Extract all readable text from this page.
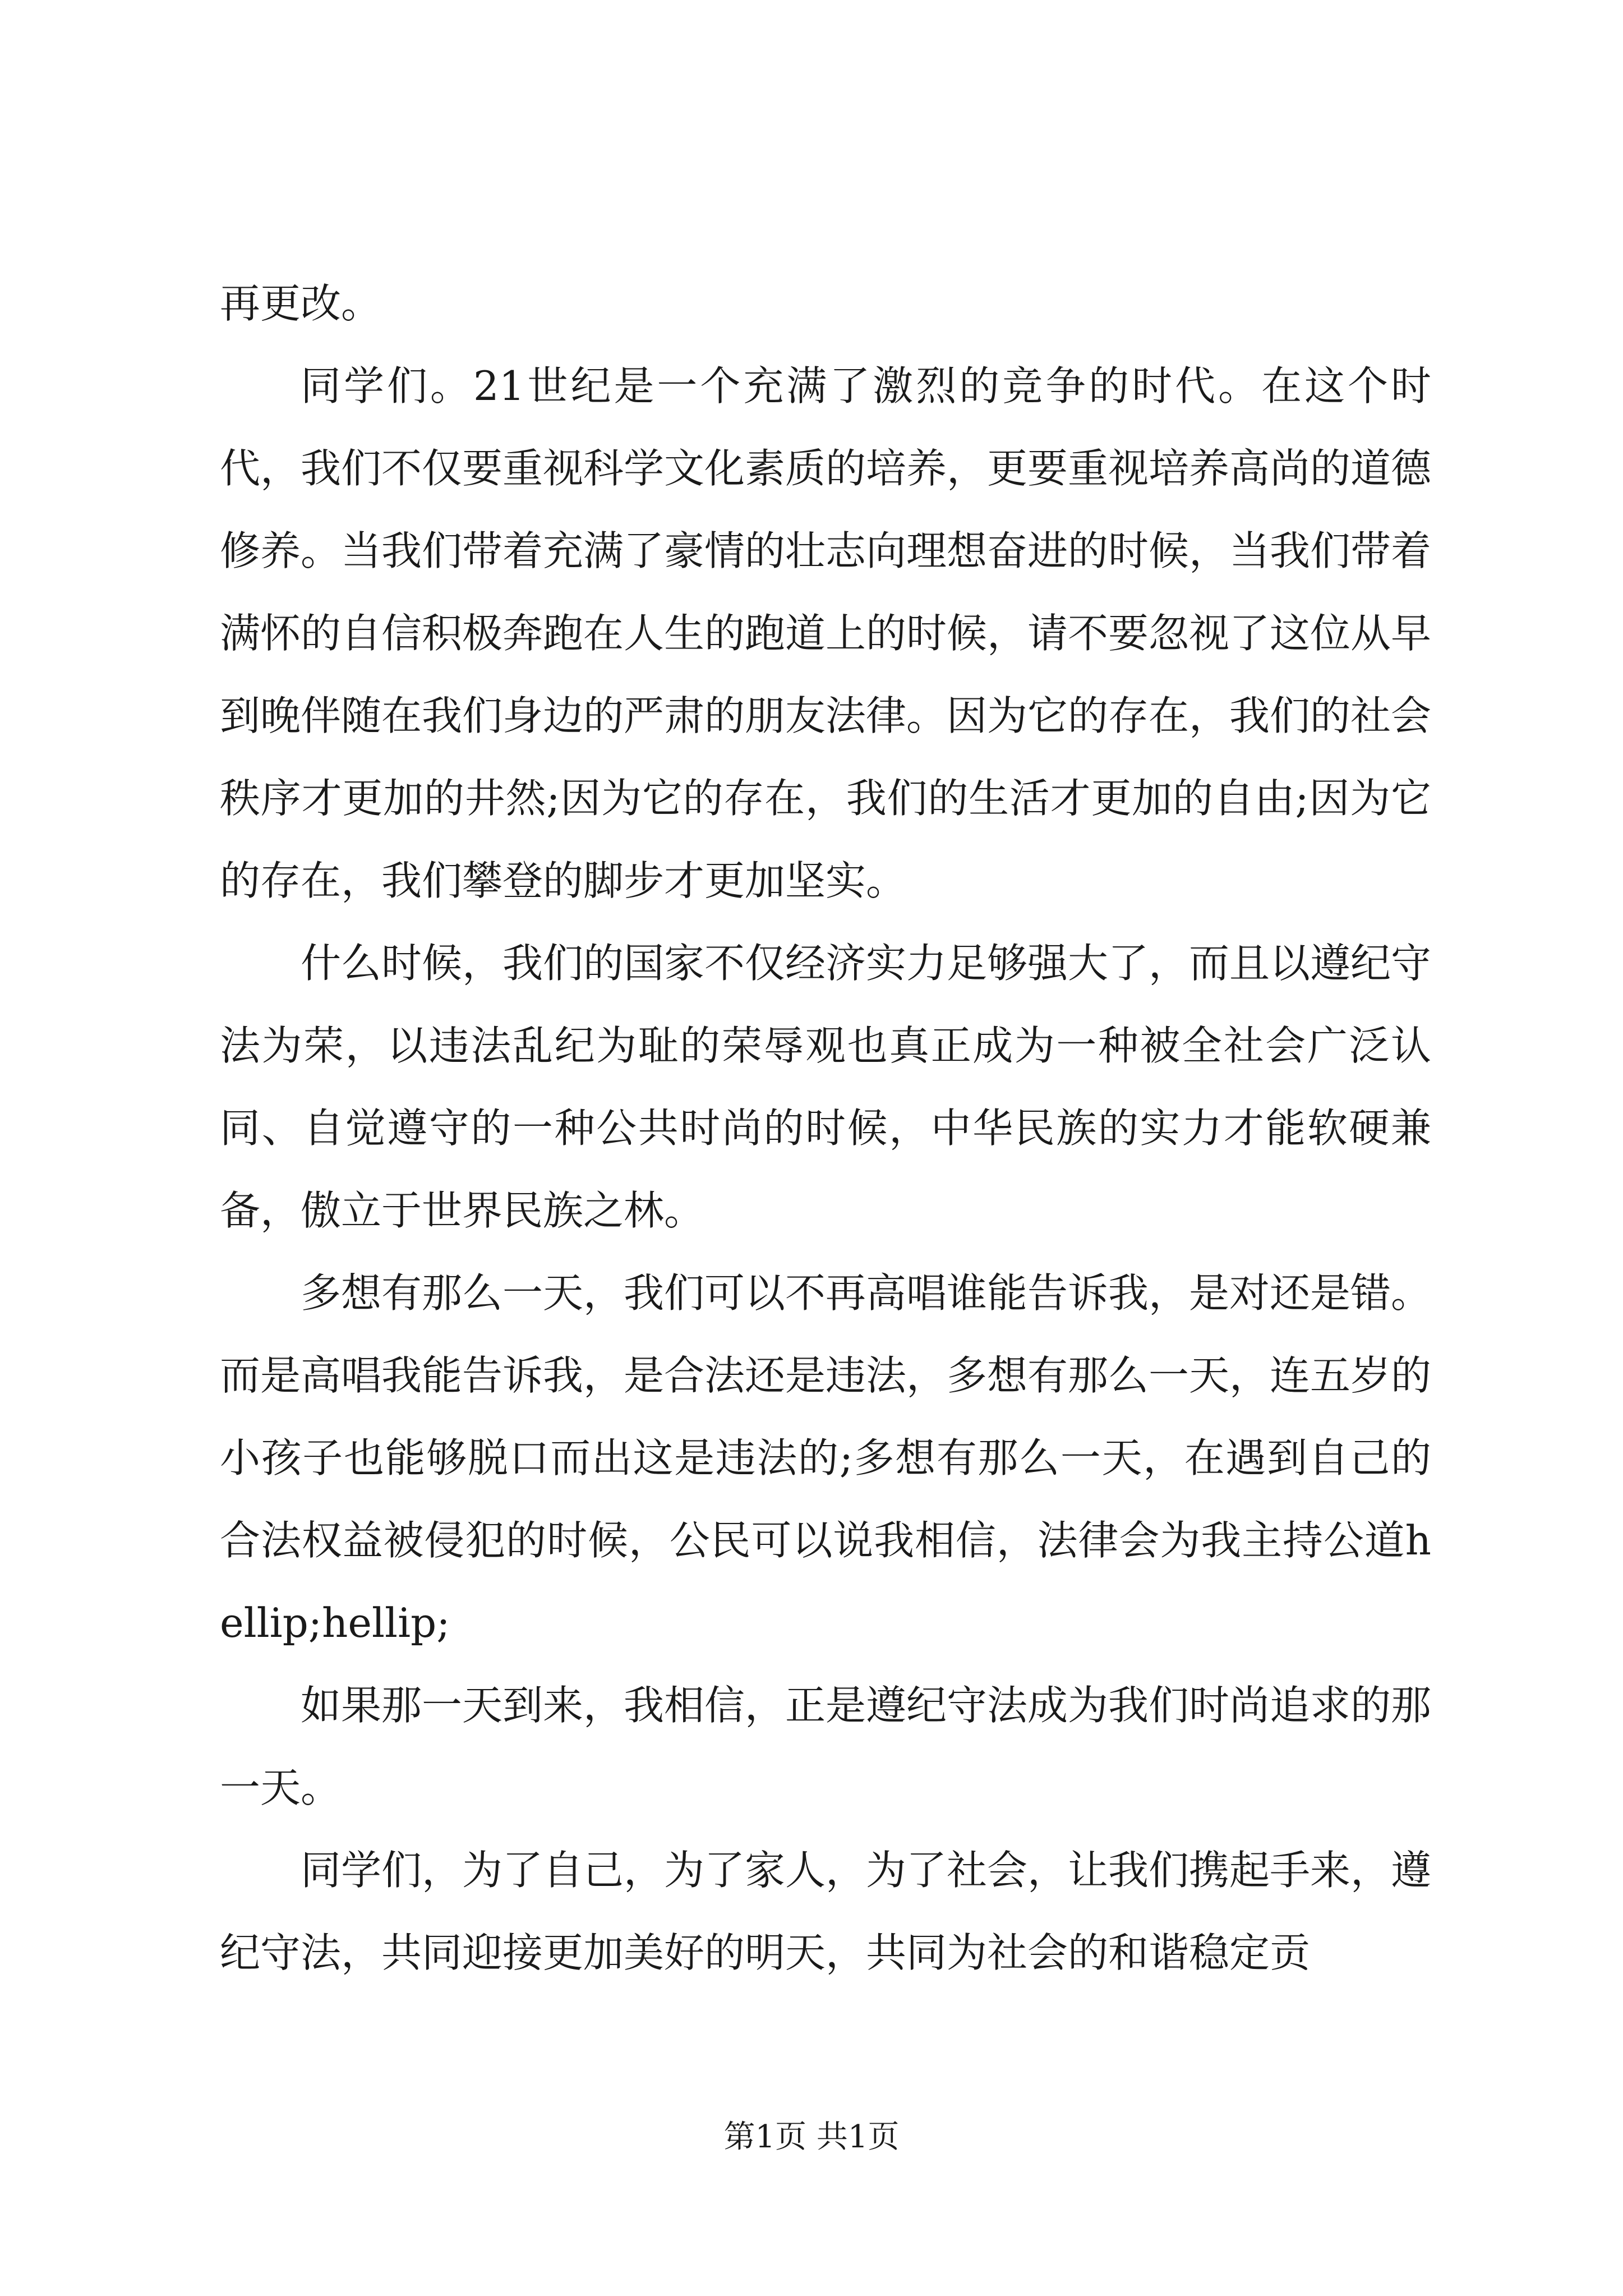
再更改。

同学们。21世纪是一个充满了激烈的竞争的时代。在这个时代，我们不仅要重视科学文化素质的培养，更要重视培养高尚的道德修养。当我们带着充满了豪情的壮志向理想奋进的时候，当我们带着满怀的自信积极奔跑在人生的跑道上的时候，请不要忽视了这位从早到晚伴随在我们身边的严肃的朋友法律。因为它的存在，我们的社会秩序才更加的井然;因为它的存在，我们的生活才更加的自由;因为它的存在，我们攀登的脚步才更加坚实。

什么时候，我们的国家不仅经济实力足够强大了，而且以遵纪守法为荣，以违法乱纪为耻的荣辱观也真正成为一种被全社会广泛认同、自觉遵守的一种公共时尚的时候，中华民族的实力才能软硬兼备，傲立于世界民族之林。

多想有那么一天，我们可以不再高唱谁能告诉我，是对还是错。而是高唱我能告诉我，是合法还是违法，多想有那么一天，连五岁的小孩子也能够脱口而出这是违法的;多想有那么一天，在遇到自己的合法权益被侵犯的时候，公民可以说我相信，法律会为我主持公道hellip;hellip;

如果那一天到来，我相信，正是遵纪守法成为我们时尚追求的那一天。

同学们，为了自己，为了家人，为了社会，让我们携起手来，遵纪守法，共同迎接更加美好的明天，共同为社会的和谐稳定贡

第1页 共1页
